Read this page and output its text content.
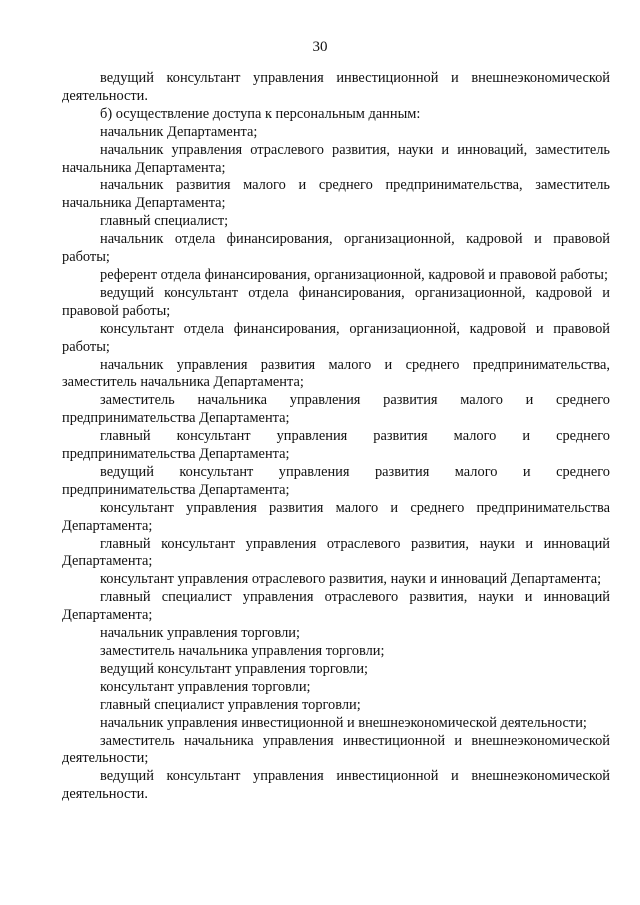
30

ведущий консультант управления инвестиционной и внешнеэкономической деятельности.

б) осуществление доступа к персональным данным:

начальник Департамента;

начальник управления отраслевого развития, науки и инноваций, заместитель начальника Департамента;

начальник развития малого и среднего предпринимательства, заместитель начальника Департамента;

главный специалист;

начальник отдела финансирования, организационной, кадровой и правовой работы;

референт отдела финансирования, организационной, кадровой и правовой работы;

ведущий консультант отдела финансирования, организационной, кадровой и правовой работы;

консультант отдела финансирования, организационной, кадровой и правовой работы;

начальник управления развития малого и среднего предпринимательства, заместитель начальника Департамента;

заместитель начальника управления развития малого и среднего предпринимательства Департамента;

главный консультант управления развития малого и среднего предпринимательства Департамента;

ведущий консультант управления развития малого и среднего предпринимательства Департамента;

консультант управления развития малого и среднего предпринимательства Департамента;

главный консультант управления отраслевого развития, науки и инноваций Департамента;

консультант управления отраслевого развития, науки и инноваций Департамента;

главный специалист управления отраслевого развития, науки и инноваций Департамента;

начальник управления торговли;

заместитель начальника управления торговли;

ведущий консультант управления торговли;

консультант управления торговли;

главный специалист управления торговли;

начальник управления инвестиционной и внешнеэкономической деятельности;

заместитель начальника управления инвестиционной и внешнеэкономической деятельности;

ведущий консультант управления инвестиционной и внешнеэкономической деятельности.
